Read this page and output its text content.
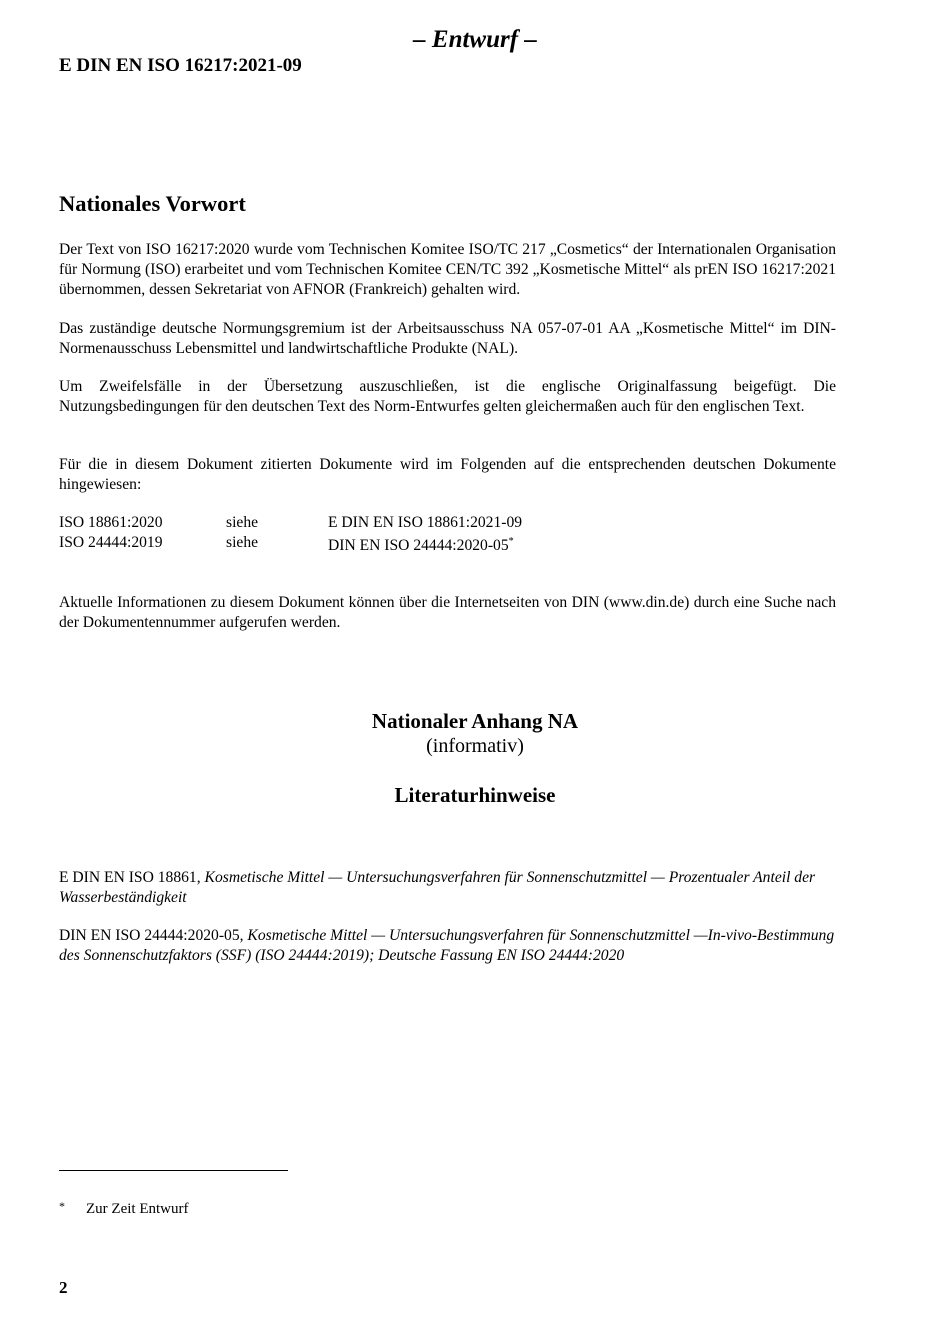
– Entwurf –
E DIN EN ISO 16217:2021-09
Nationales Vorwort
Der Text von ISO 16217:2020 wurde vom Technischen Komitee ISO/TC 217 „Cosmetics“ der Internationalen Organisation für Normung (ISO) erarbeitet und vom Technischen Komitee CEN/TC 392 „Kosmetische Mittel“ als prEN ISO 16217:2021 übernommen, dessen Sekretariat von AFNOR (Frankreich) gehalten wird.
Das zuständige deutsche Normungsgremium ist der Arbeitsausschuss NA 057-07-01 AA „Kosmetische Mittel“ im DIN-Normenausschuss Lebensmittel und landwirtschaftliche Produkte (NAL).
Um Zweifelsfälle in der Übersetzung auszuschließen, ist die englische Originalfassung beigefügt. Die Nutzungsbedingungen für den deutschen Text des Norm-Entwurfes gelten gleichermaßen auch für den englischen Text.
Für die in diesem Dokument zitierten Dokumente wird im Folgenden auf die entsprechenden deutschen Dokumente hingewiesen:
ISO 18861:2020	siehe	E DIN EN ISO 18861:2021-09
ISO 24444:2019	siehe	DIN EN ISO 24444:2020-05*
Aktuelle Informationen zu diesem Dokument können über die Internetseiten von DIN (www.din.de) durch eine Suche nach der Dokumentennummer aufgerufen werden.
Nationaler Anhang NA
(informativ)
Literaturhinweise
E DIN EN ISO 18861, Kosmetische Mittel — Untersuchungsverfahren für Sonnenschutzmittel — Prozentualer Anteil der Wasserbeständigkeit
DIN EN ISO 24444:2020-05, Kosmetische Mittel — Untersuchungsverfahren für Sonnenschutzmittel —In-vivo-Bestimmung des Sonnenschutzfaktors (SSF) (ISO 24444:2019); Deutsche Fassung EN ISO 24444:2020
* Zur Zeit Entwurf
2
